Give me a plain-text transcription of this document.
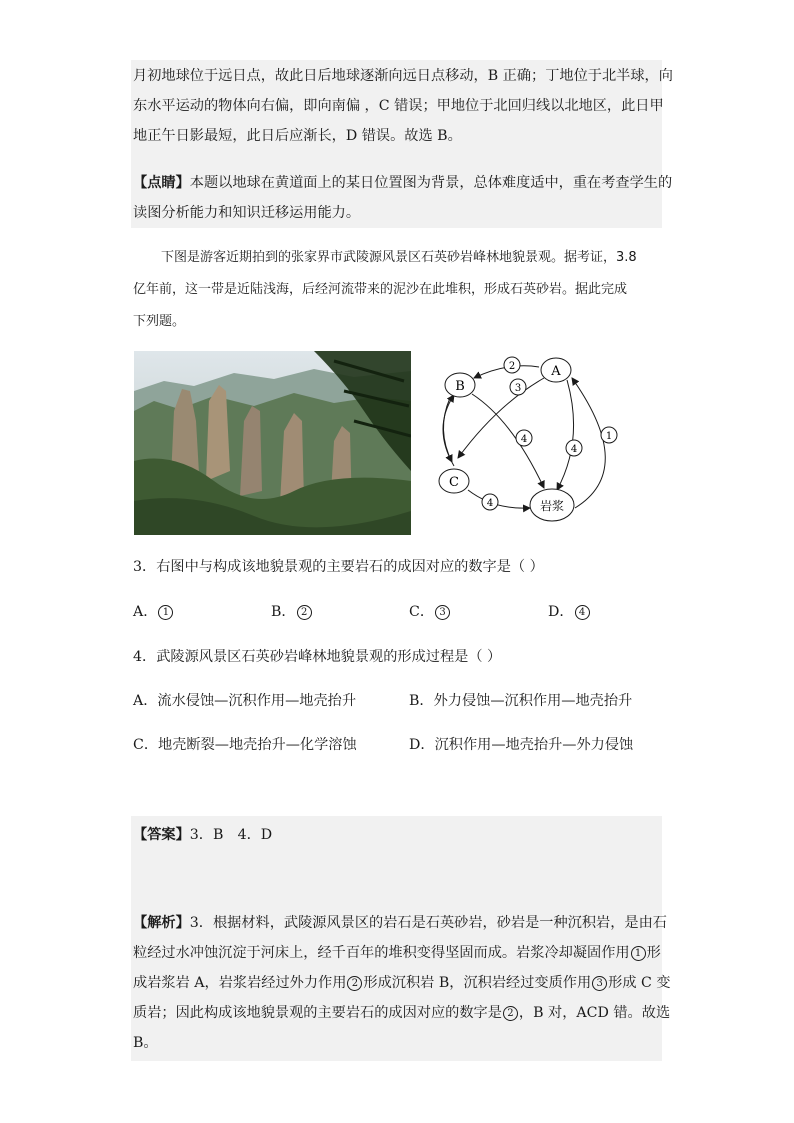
月初地球位于远日点，故此日后地球逐渐向远日点移动，B 正确；丁地位于北半球，向
东水平运动的物体向右偏，即向南偏 ，C 错误；甲地位于北回归线以北地区，此日甲
地正午日影最短，此日后应渐长，D 错误。故选 B。
【点睛】本题以地球在黄道面上的某日位置图为背景，总体难度适中，重在考查学生的
读图分析能力和知识迁移运用能力。
下图是游客近期拍到的张家界市武陵源风景区石英砂岩峰林地貌景观。据考证，3.8
亿年前，这一带是近陆浅海，后经河流带来的泥沙在此堆积，形成石英砂岩。据此完成
下列题。
A
B
C
岩浆
2
3
4
4
1
4
3．右图中与构成该地貌景观的主要岩石的成因对应的数字是（ ）
A． 1	B． 2	C． 3	D． 4
4．武陵源风景区石英砂岩峰林地貌景观的形成过程是（ ）
A．流水侵蚀—沉积作用—地壳抬升	B．外力侵蚀—沉积作用—地壳抬升
C．地壳断裂—地壳抬升—化学溶蚀	D．沉积作用—地壳抬升—外力侵蚀
【答案】3．B　4．D
【解析】3．根据材料，武陵源风景区的岩石是石英砂岩，砂岩是一种沉积岩，是由石
粒经过水冲蚀沉淀于河床上，经千百年的堆积变得坚固而成。岩浆冷却凝固作用 1 形
成岩浆岩 A，岩浆岩经过外力作用 2 形成沉积岩 B，沉积岩经过变质作用 3 形成 C 变
质岩；因此构成该地貌景观的主要岩石的成因对应的数字是 2 ，B 对，ACD 错。故选
B。
